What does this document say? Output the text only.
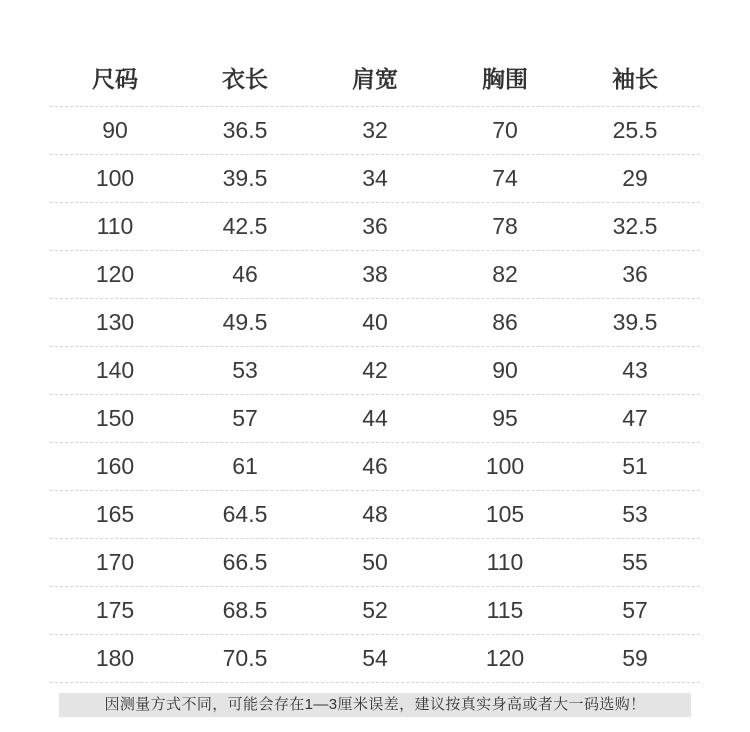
尺码	衣长	肩宽	胸围	袖长
90	36.5	32	70	25.5
100	39.5	34	74	29
110	42.5	36	78	32.5
120	46	38	82	36
130	49.5	40	86	39.5
140	53	42	90	43
150	57	44	95	47
160	61	46	100	51
165	64.5	48	105	53
170	66.5	50	110	55
175	68.5	52	115	57
180	70.5	54	120	59
因测量方式不同，可能会存在1—3厘米误差，建议按真实身高或者大一码选购！
